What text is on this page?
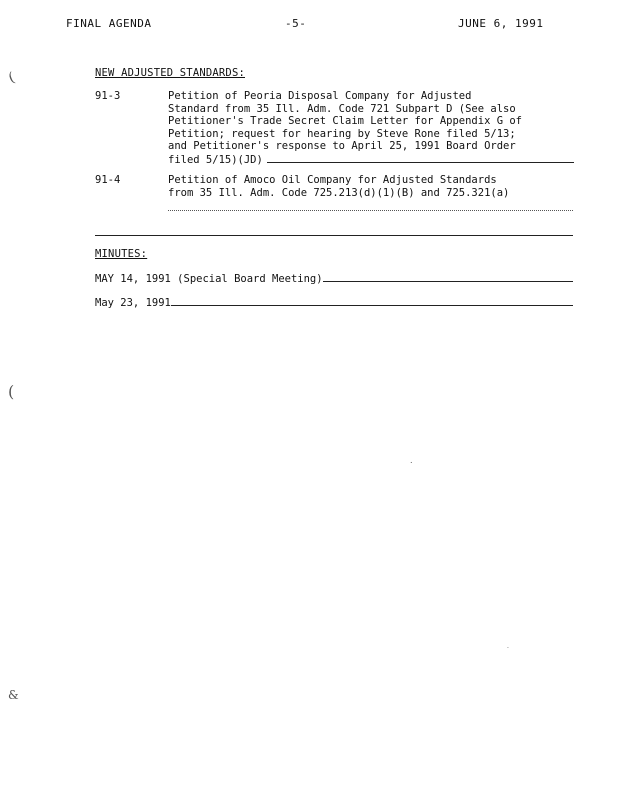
FINAL AGENDA	-5-	JUNE 6, 1991
NEW ADJUSTED STANDARDS:
91-3	Petition of Peoria Disposal Company for Adjusted
Standard from 35 Ill. Adm. Code 721 Subpart D (See also
Petitioner's Trade Secret Claim Letter for Appendix G of
Petition; request for hearing by Steve Rone filed 5/13;
and Petitioner's response to April 25, 1991 Board Order
filed 5/15)(JD)
91-4	Petition of Amoco Oil Company for Adjusted Standards
from 35 Ill. Adm. Code 725.213(d)(1)(B) and 725.321(a)
MINUTES:
MAY 14, 1991 (Special Board Meeting)
May 23, 1991
(
(
.
.
&
